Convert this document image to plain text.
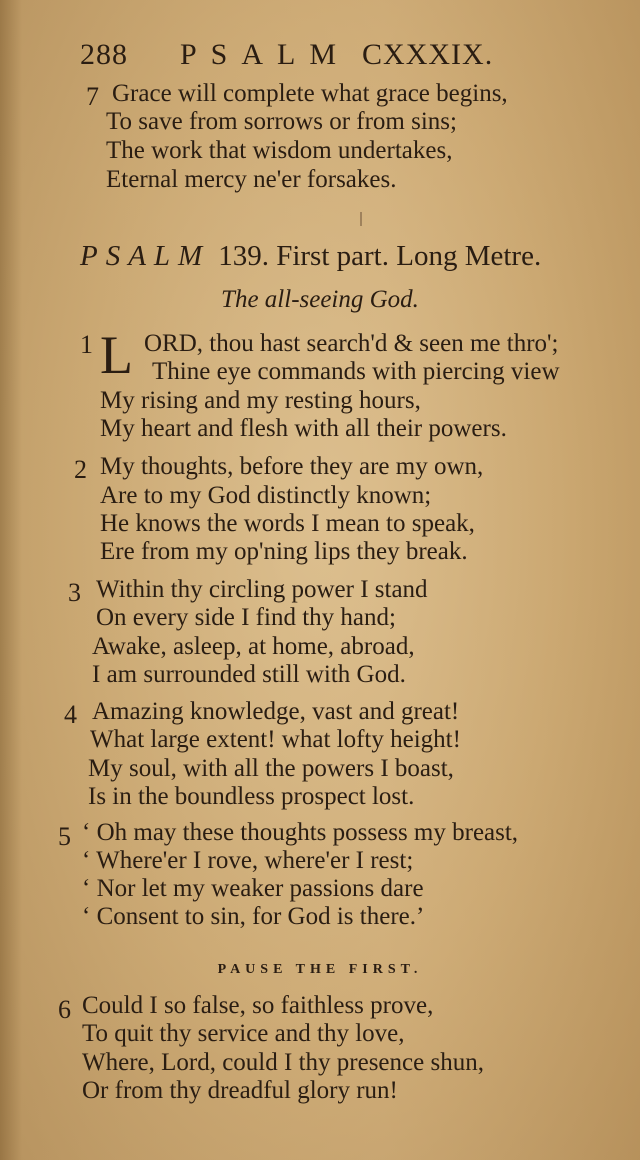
288	PSALM CXXXIX.
7 Grace will complete what grace begins,
To save from sorrows or from sins;
The work that wisdom undertakes,
Eternal mercy ne'er forsakes.
PSALM 139. First part. Long Metre.
The all-seeing God.
1 L ORD, thou hast search'd & seen me thro';
Thine eye commands with piercing view
My rising and my resting hours,
My heart and flesh with all their powers.
2 My thoughts, before they are my own,
Are to my God distinctly known;
He knows the words I mean to speak,
Ere from my op'ning lips they break.
3 Within thy circling power I stand
On every side I find thy hand;
Awake, asleep, at home, abroad,
I am surrounded still with God.
4 Amazing knowledge, vast and great!
What large extent! what lofty height!
My soul, with all the powers I boast,
Is in the boundless prospect lost.
5 ‘ Oh may these thoughts possess my breast,
‘ Where'er I rove, where'er I rest;
‘ Nor let my weaker passions dare
‘ Consent to sin, for God is there.’
PAUSE THE FIRST.
6 Could I so false, so faithless prove,
To quit thy service and thy love,
Where, Lord, could I thy presence shun,
Or from thy dreadful glory run!
